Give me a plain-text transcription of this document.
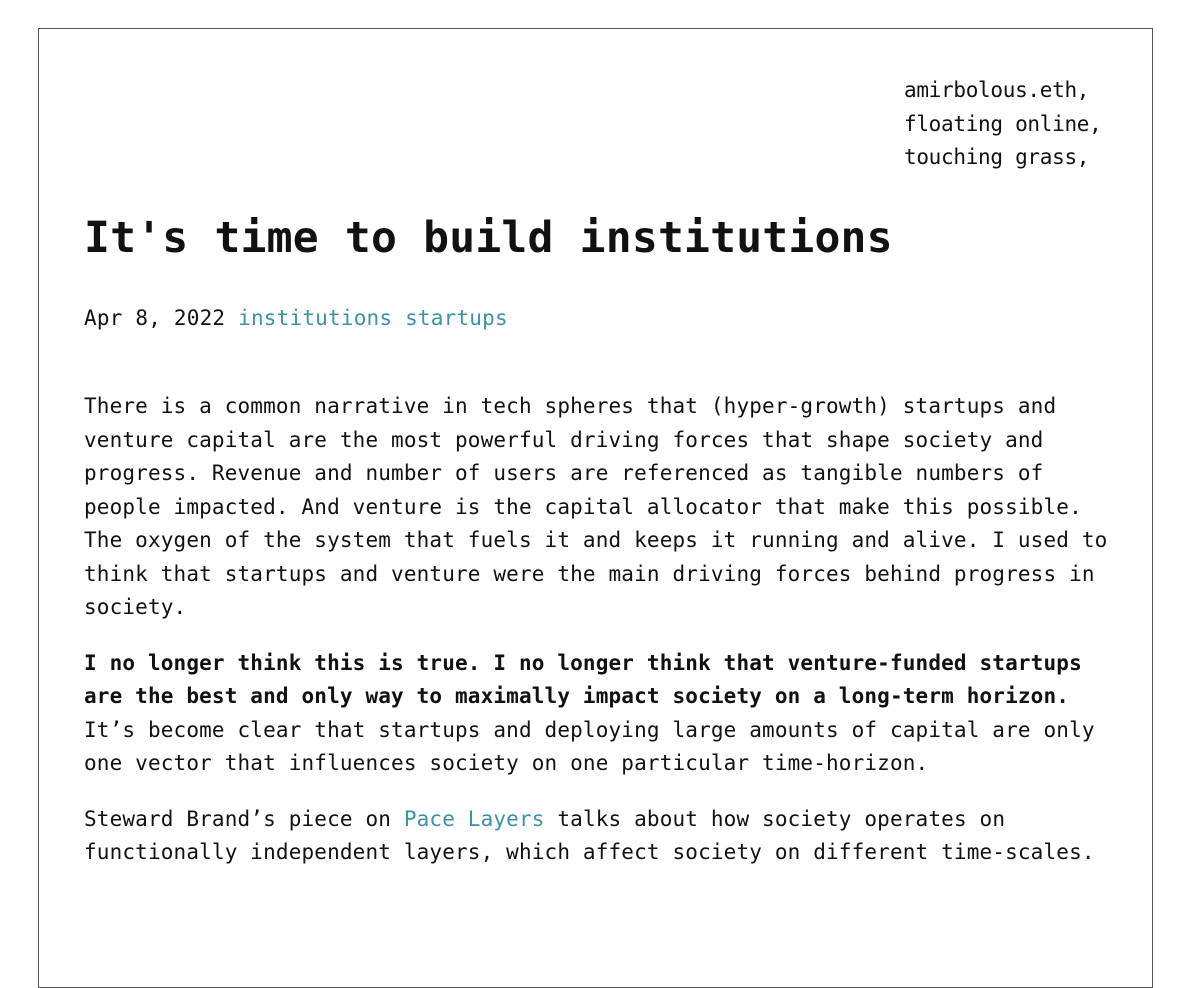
amirbolous.eth,
floating online,
touching grass,
It's time to build institutions
Apr 8, 2022 institutions startups

There is a common narrative in tech spheres that (hyper-growth) startups and venture capital are the most powerful driving forces that shape society and progress. Revenue and number of users are referenced as tangible numbers of people impacted. And venture is the capital allocator that make this possible. The oxygen of the system that fuels it and keeps it running and alive. I used to think that startups and venture were the main driving forces behind progress in society.

I no longer think this is true. I no longer think that venture-funded startups are the best and only way to maximally impact society on a long-term horizon. It’s become clear that startups and deploying large amounts of capital are only one vector that influences society on one particular time-horizon.

Steward Brand’s piece on Pace Layers talks about how society operates on functionally independent layers, which affect society on different time-scales.
